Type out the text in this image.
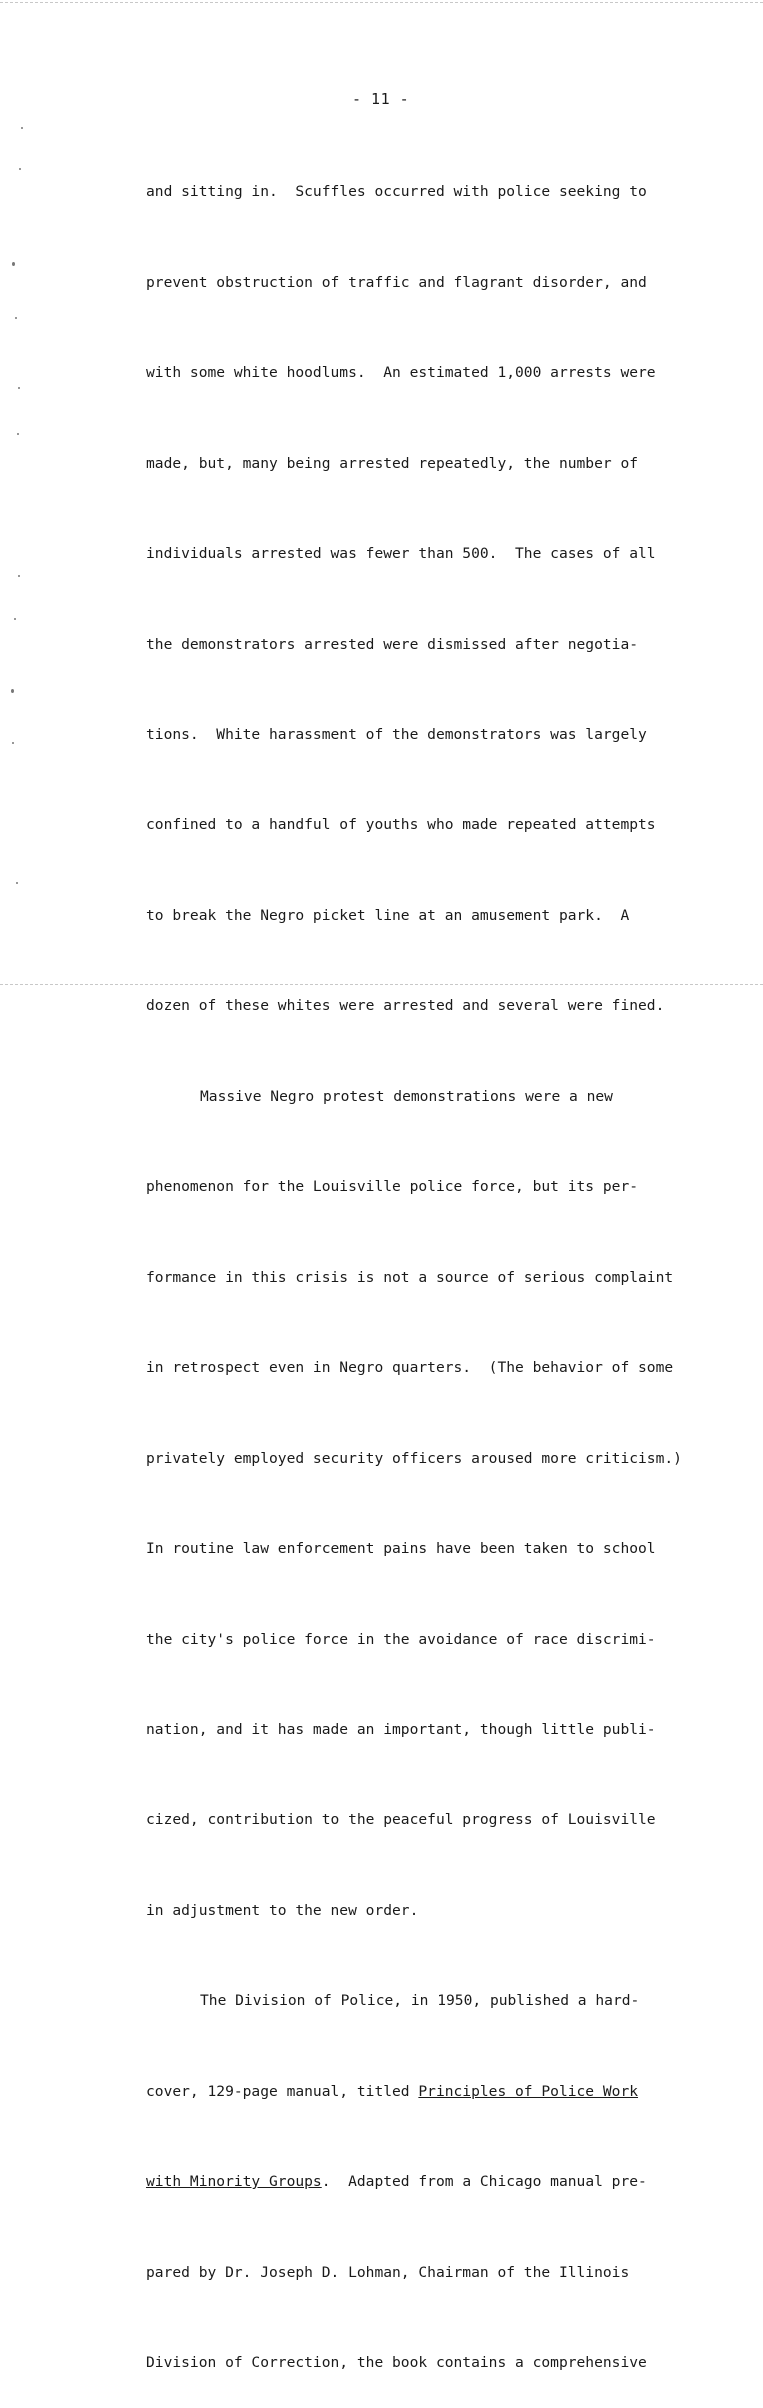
- 11 -

and sitting in.  Scuffles occurred with police seeking to

prevent obstruction of traffic and flagrant disorder, and

with some white hoodlums.  An estimated 1,000 arrests were

made, but, many being arrested repeatedly, the number of

individuals arrested was fewer than 500.  The cases of all

the demonstrators arrested were dismissed after negotia-

tions.  White harassment of the demonstrators was largely

confined to a handful of youths who made repeated attempts

to break the Negro picket line at an amusement park.  A

dozen of these whites were arrested and several were fined.

Massive Negro protest demonstrations were a new

phenomenon for the Louisville police force, but its per-

formance in this crisis is not a source of serious complaint

in retrospect even in Negro quarters.  (The behavior of some

privately employed security officers aroused more criticism.)

In routine law enforcement pains have been taken to school

the city's police force in the avoidance of race discrimi-

nation, and it has made an important, though little publi-

cized, contribution to the peaceful progress of Louisville

in adjustment to the new order.

The Division of Police, in 1950, published a hard-

cover, 129-page manual, titled Principles of Police Work

with Minority Groups.  Adapted from a Chicago manual pre-

pared by Dr. Joseph D. Lohman, Chairman of the Illinois

Division of Correction, the book contains a comprehensive
